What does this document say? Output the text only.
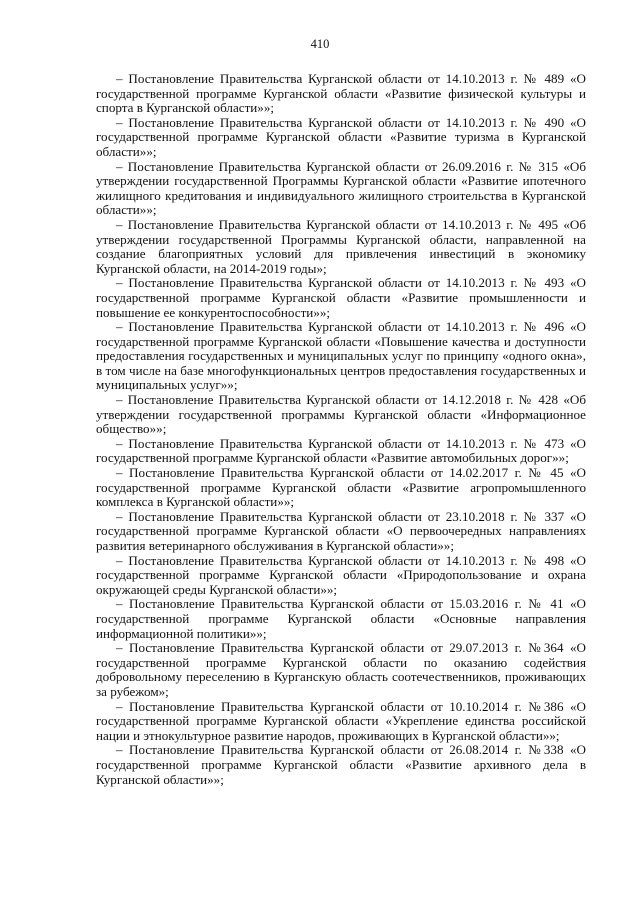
410

– Постановление Правительства Курганской области от 14.10.2013 г. № 489 «О государственной программе Курганской области «Развитие физической культуры и спорта в Курганской области»»;

– Постановление Правительства Курганской области от 14.10.2013 г. № 490 «О государственной программе Курганской области «Развитие туризма в Курганской области»»;

– Постановление Правительства Курганской области от 26.09.2016 г. № 315 «Об утверждении государственной Программы Курганской области «Развитие ипотечного жилищного кредитования и индивидуального жилищного строительства в Курганской области»»;

– Постановление Правительства Курганской области от 14.10.2013 г. № 495 «Об утверждении государственной Программы Курганской области, направленной на создание благоприятных условий для привлечения инвестиций в экономику Курганской области, на 2014-2019 годы»;

– Постановление Правительства Курганской области от 14.10.2013 г. № 493 «О государственной программе Курганской области «Развитие промышленности и повышение ее конкурентоспособности»»;

– Постановление Правительства Курганской области от 14.10.2013 г. № 496 «О государственной программе Курганской области «Повышение качества и доступности предоставления государственных и муниципальных услуг по принципу «одного окна», в том числе на базе многофункциональных центров предоставления государственных и муниципальных услуг»»;

– Постановление Правительства Курганской области от 14.12.2018 г. № 428 «Об утверждении государственной программы Курганской области «Информационное общество»»;

– Постановление Правительства Курганской области от 14.10.2013 г. № 473 «О государственной программе Курганской области «Развитие автомобильных дорог»»;

– Постановление Правительства Курганской области от 14.02.2017 г. № 45 «О государственной программе Курганской области «Развитие агропромышленного комплекса в Курганской области»»;

– Постановление Правительства Курганской области от 23.10.2018 г. № 337 «О государственной программе Курганской области «О первоочередных направлениях развития ветеринарного обслуживания в Курганской области»»;

– Постановление Правительства Курганской области от 14.10.2013 г. № 498 «О государственной программе Курганской области «Природопользование и охрана окружающей среды Курганской области»»;

– Постановление Правительства Курганской области от 15.03.2016 г. № 41 «О государственной программе Курганской области «Основные направления информационной политики»»;

– Постановление Правительства Курганской области от 29.07.2013 г. №364 «О государственной программе Курганской области по оказанию содействия добровольному переселению в Курганскую область соотечественников, проживающих за рубежом»;

– Постановление Правительства Курганской области от 10.10.2014 г. №386 «О государственной программе Курганской области «Укрепление единства российской нации и этнокультурное развитие народов, проживающих в Курганской области»»;

– Постановление Правительства Курганской области от 26.08.2014 г. №338 «О государственной программе Курганской области «Развитие архивного дела в Курганской области»»;
